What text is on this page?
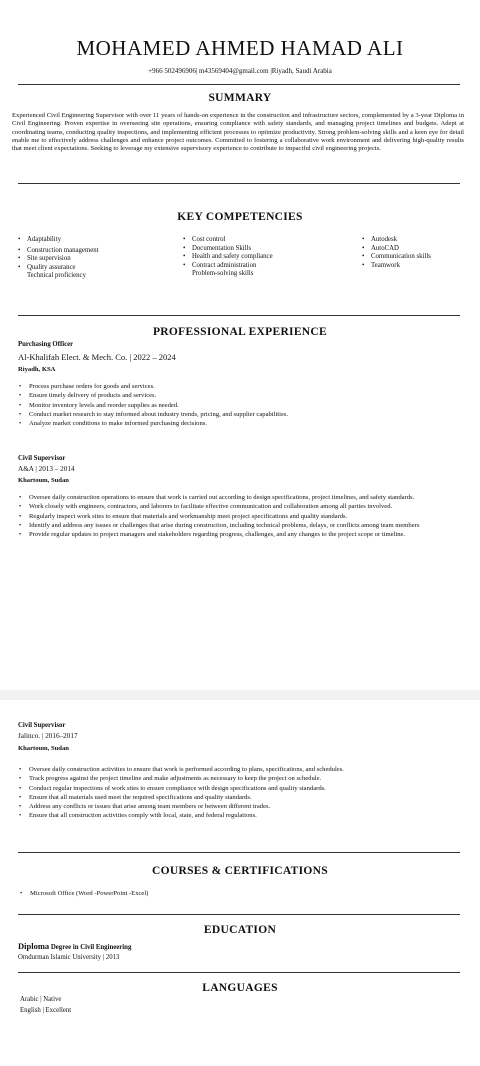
MOHAMED AHMED HAMAD ALI
+966 502496906| m43569404@gmail.com |Riyadh, Saudi Arabia
SUMMARY
Experienced Civil Engineering Supervisor with over 11 years of hands-on experience in the construction and infrastructure sectors, complemented by a 3-year Diploma in Civil Engineering. Proven expertise in overseeing site operations, ensuring compliance with safety standards, and managing project timelines and budgets. Adept at coordinating teams, conducting quality inspections, and implementing efficient processes to optimize productivity. Strong problem-solving skills and a keen eye for detail enable me to effectively address challenges and enhance project outcomes. Committed to fostering a collaborative work environment and delivering high-quality results that meet client expectations. Seeking to leverage my extensive supervisory experience to contribute to impactful civil engineering projects.
KEY COMPETENCIES
• Adaptability
• Construction management
• Site supervision
• Quality assurance
Technical proficiency
• Cost control
• Documentation Skills
• Health and safety compliance
• Contract administration
Problem-solving skills
• Autodesk
• AutoCAD
• Communication skills
• Teamwork
PROFESSIONAL EXPERIENCE
Purchasing Officer
Al-Khalifah Elect. & Mech. Co. | 2022 – 2024
Riyadh, KSA
• Process purchase orders for goods and services.
• Ensure timely delivery of products and services.
• Monitor inventory levels and reorder supplies as needed.
• Conduct market research to stay informed about industry trends, pricing, and supplier capabilities.
• Analyze market conditions to make informed purchasing decisions.
Civil Supervisor
A&A | 2013 – 2014
Khartoum, Sudan
• Oversee daily construction operations to ensure that work is carried out according to design specifications, project timelines, and safety standards.
• Work closely with engineers, contractors, and laborers to facilitate effective communication and collaboration among all parties involved.
• Regularly inspect work sites to ensure that materials and workmanship meet project specifications and quality standards.
• Identify and address any issues or challenges that arise during construction, including technical problems, delays, or conflicts among team members
• Provide regular updates to project managers and stakeholders regarding progress, challenges, and any changes to the project scope or timeline.
Civil Supervisor
Jalinco. | 2016–2017
Khartoum, Sudan
• Oversee daily construction activities to ensure that work is performed according to plans, specifications, and schedules.
• Track progress against the project timeline and make adjustments as necessary to keep the project on schedule.
• Conduct regular inspections of work sites to ensure compliance with design specifications and quality standards.
• Ensure that all materials used meet the required specifications and quality standards.
• Address any conflicts or issues that arise among team members or between different trades.
• Ensure that all construction activities comply with local, state, and federal regulations.
COURSES & CERTIFICATIONS
• Microsoft Office (Word -PowerPoint -Excel)
EDUCATION
Diploma Degree in Civil Engineering
Omdurman Islamic University | 2013
LANGUAGES
Arabic | Native
English | Excellent
